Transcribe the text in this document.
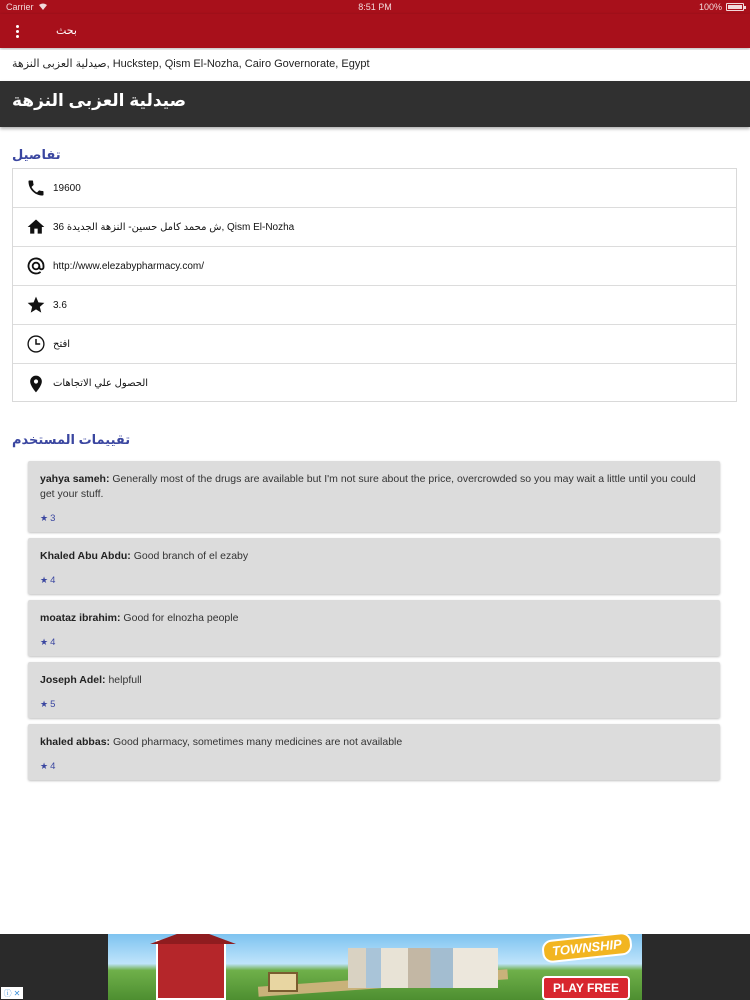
Carrier	8:51 PM	100%
بحث
صيدلية العزبى النزهة, Huckstep, Qism El-Nozha, Cairo Governorate, Egypt
صيدلية العزبى النزهة
تفاصيل
19600
ش محمد كامل حسين- النزهة الجديدة 36, Qism El-Nozha
http://www.elezabypharmacy.com/
3.6
افتح
الحصول علي الاتجاهات
تقييمات المستخدم
yahya sameh: Generally most of the drugs are available but I'm not sure about the price, overcrowded so you may wait a little until you could get your stuff.
★ 3
Khaled Abu Abdu: Good branch of el ezaby
★ 4
moataz ibrahim: Good for elnozha people
★ 4
Joseph Adel: helpfull
★ 5
khaled abbas: Good pharmacy, sometimes many medicines are not available
★ 4
TOWNSHIP
PLAY FREE
ⓘ ✕
